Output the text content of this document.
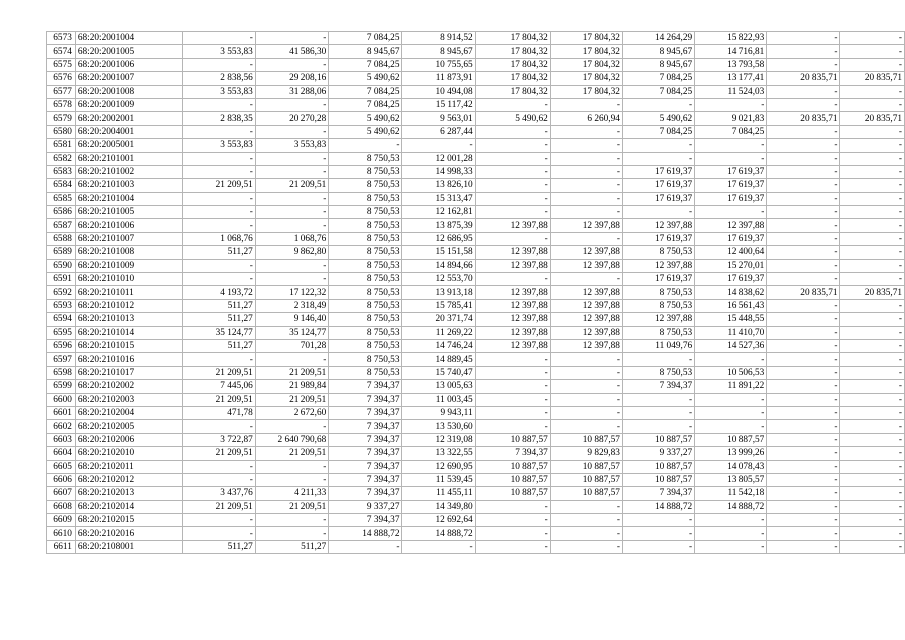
6573	68:20:2001004	-	-	7 084,25	8 914,52	17 804,32	17 804,32	14 264,29	15 822,93	-	-
6574	68:20:2001005	3 553,83	41 586,30	8 945,67	8 945,67	17 804,32	17 804,32	8 945,67	14 716,81	-	-
6575	68:20:2001006	-	-	7 084,25	10 755,65	17 804,32	17 804,32	8 945,67	13 793,58	-	-
6576	68:20:2001007	2 838,56	29 208,16	5 490,62	11 873,91	17 804,32	17 804,32	7 084,25	13 177,41	20 835,71	20 835,71
6577	68:20:2001008	3 553,83	31 288,06	7 084,25	10 494,08	17 804,32	17 804,32	7 084,25	11 524,03	-	-
6578	68:20:2001009	-	-	7 084,25	15 117,42	-	-	-	-	-	-
6579	68:20:2002001	2 838,35	20 270,28	5 490,62	9 563,01	5 490,62	6 260,94	5 490,62	9 021,83	20 835,71	20 835,71
6580	68:20:2004001	-	-	5 490,62	6 287,44	-	-	7 084,25	7 084,25	-	-
6581	68:20:2005001	3 553,83	3 553,83	-	-	-	-	-	-	-	-
6582	68:20:2101001	-	-	8 750,53	12 001,28	-	-	-	-	-	-
6583	68:20:2101002	-	-	8 750,53	14 998,33	-	-	17 619,37	17 619,37	-	-
6584	68:20:2101003	21 209,51	21 209,51	8 750,53	13 826,10	-	-	17 619,37	17 619,37	-	-
6585	68:20:2101004	-	-	8 750,53	15 313,47	-	-	17 619,37	17 619,37	-	-
6586	68:20:2101005	-	-	8 750,53	12 162,81	-	-	-	-	-	-
6587	68:20:2101006	-	-	8 750,53	13 875,39	12 397,88	12 397,88	12 397,88	12 397,88	-	-
6588	68:20:2101007	1 068,76	1 068,76	8 750,53	12 686,95	-	-	17 619,37	17 619,37	-	-
6589	68:20:2101008	511,27	9 862,80	8 750,53	15 151,58	12 397,88	12 397,88	8 750,53	12 400,64	-	-
6590	68:20:2101009	-	-	8 750,53	14 894,66	12 397,88	12 397,88	12 397,88	15 270,01	-	-
6591	68:20:2101010	-	-	8 750,53	12 553,70	-	-	17 619,37	17 619,37	-	-
6592	68:20:2101011	4 193,72	17 122,32	8 750,53	13 913,18	12 397,88	12 397,88	8 750,53	14 838,62	20 835,71	20 835,71
6593	68:20:2101012	511,27	2 318,49	8 750,53	15 785,41	12 397,88	12 397,88	8 750,53	16 561,43	-	-
6594	68:20:2101013	511,27	9 146,40	8 750,53	20 371,74	12 397,88	12 397,88	12 397,88	15 448,55	-	-
6595	68:20:2101014	35 124,77	35 124,77	8 750,53	11 269,22	12 397,88	12 397,88	8 750,53	11 410,70	-	-
6596	68:20:2101015	511,27	701,28	8 750,53	14 746,24	12 397,88	12 397,88	11 049,76	14 527,36	-	-
6597	68:20:2101016	-	-	8 750,53	14 889,45	-	-	-	-	-	-
6598	68:20:2101017	21 209,51	21 209,51	8 750,53	15 740,47	-	-	8 750,53	10 506,53	-	-
6599	68:20:2102002	7 445,06	21 989,84	7 394,37	13 005,63	-	-	7 394,37	11 891,22	-	-
6600	68:20:2102003	21 209,51	21 209,51	7 394,37	11 003,45	-	-	-	-	-	-
6601	68:20:2102004	471,78	2 672,60	7 394,37	9 943,11	-	-	-	-	-	-
6602	68:20:2102005	-	-	7 394,37	13 530,60	-	-	-	-	-	-
6603	68:20:2102006	3 722,87	2 640 790,68	7 394,37	12 319,08	10 887,57	10 887,57	10 887,57	10 887,57	-	-
6604	68:20:2102010	21 209,51	21 209,51	7 394,37	13 322,55	7 394,37	9 829,83	9 337,27	13 999,26	-	-
6605	68:20:2102011	-	-	7 394,37	12 690,95	10 887,57	10 887,57	10 887,57	14 078,43	-	-
6606	68:20:2102012	-	-	7 394,37	11 539,45	10 887,57	10 887,57	10 887,57	13 805,57	-	-
6607	68:20:2102013	3 437,76	4 211,33	7 394,37	11 455,11	10 887,57	10 887,57	7 394,37	11 542,18	-	-
6608	68:20:2102014	21 209,51	21 209,51	9 337,27	14 349,80	-	-	14 888,72	14 888,72	-	-
6609	68:20:2102015	-	-	7 394,37	12 692,64	-	-	-	-	-	-
6610	68:20:2102016	-	-	14 888,72	14 888,72	-	-	-	-	-	-
6611	68:20:2108001	511,27	511,27	-	-	-	-	-	-	-	-
